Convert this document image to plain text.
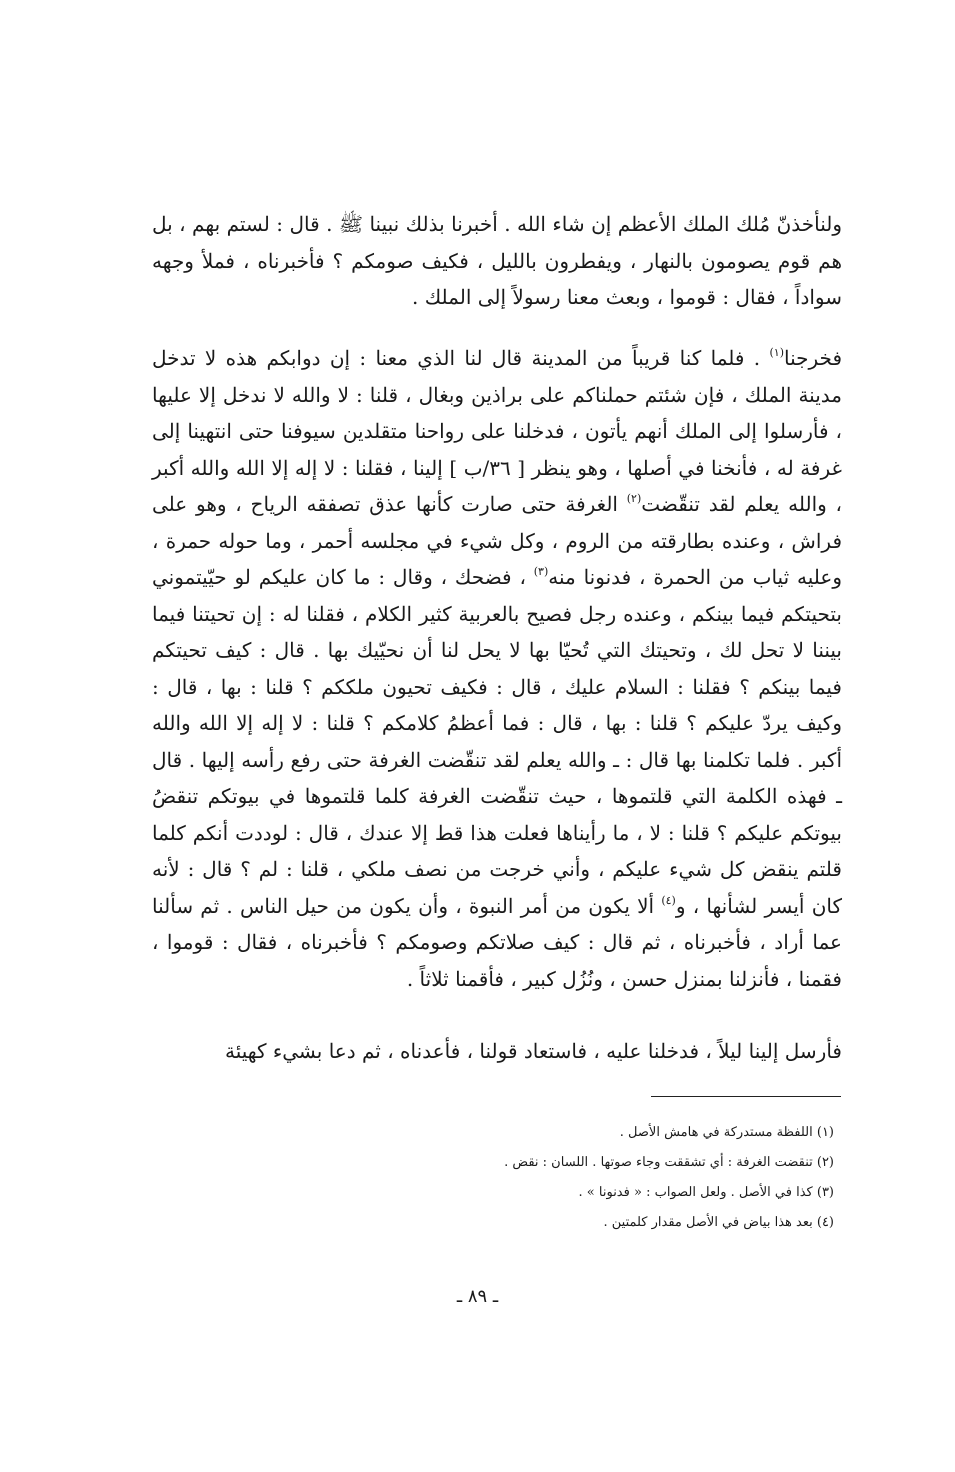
ولنأخذنّ مُلك الملك الأعظم إن شاء الله . أخبرنا بذلك نبينا ﷺ . قال : لستم بهم ، بل هم قوم يصومون بالنهار ، ويفطرون بالليل ، فكيف صومكم ؟ فأخبرناه ، فملأ وجهه سواداً ، فقال : قوموا ، وبعث معنا رسولاً إلى الملك .

فخرجنا$^{(١)}$ . فلما كنا قريباً من المدينة قال لنا الذي معنا : إن دوابكم هذه لا تدخل مدينة الملك ، فإن شئتم حملناكم على براذين وبغال ، قلنا : لا والله لا ندخل إلا عليها ، فأرسلوا إلى الملك أنهم يأتون ، فدخلنا على رواحنا متقلدين سيوفنا حتى انتهينا إلى غرفة له ، فأنخنا في أصلها ، وهو ينظر [ ٣٦/ب ] إلينا ، فقلنا : لا إله إلا الله والله أكبر ، والله يعلم لقد تنقّضت$^{(٢)}$ الغرفة حتى صارت كأنها عذق تصفقه الرياح ، وهو على فراش ، وعنده بطارقته من الروم ، وكل شيء في مجلسه أحمر ، وما حوله حمرة ، وعليه ثياب من الحمرة ، فدنونا منه$^{(٣)}$ ، فضحك ، وقال : ما كان عليكم لو حيّيتموني بتحيتكم فيما بينكم ، وعنده رجل فصيح بالعربية كثير الكلام ، فقلنا له : إن تحيتنا فيما بيننا لا تحل لك ، وتحيتك التي تُحيّا بها لا يحل لنا أن نحيّيك بها . قال : كيف تحيتكم فيما بينكم ؟ فقلنا : السلام عليك ، قال : فكيف تحيون ملككم ؟ قلنا : بها ، قال : وكيف يردّ عليكم ؟ قلنا : بها ، قال : فما أعظمُ كلامكم ؟ قلنا : لا إله إلا الله والله أكبر . فلما تكلمنا بها قال : ـ والله يعلم لقد تنقّضت الغرفة حتى رفع رأسه إليها . قال ـ فهذه الكلمة التي قلتموها ، حيث تنقّضت الغرفة كلما قلتموها في بيوتكم تنقضُ بيوتكم عليكم ؟ قلنا : لا ، ما رأيناها فعلت هذا قط إلا عندك ، قال : لوددت أنكم كلما قلتم ينقض كل شيء عليكم ، وأني خرجت من نصف ملكي ، قلنا : لم ؟ قال : لأنه كان أيسر لشأنها ، و$^{(٤)}$ ألا يكون من أمر النبوة ، وأن يكون من حيل الناس . ثم سألنا عما أراد ، فأخبرناه ، ثم قال : كيف صلاتكم وصومكم ؟ فأخبرناه ، فقال : قوموا ، فقمنا ، فأنزلنا بمنزل حسن ، ونُزُل كبير ، فأقمنا ثلاثاً .

فأرسل إلينا ليلاً ، فدخلنا عليه ، فاستعاد قولنا ، فأعدناه ، ثم دعا بشيء كهيئة

(١) اللفظة مستدركة في هامش الأصل .

(٢) تنقضت الغرفة : أي تشققت وجاء صوتها . اللسان : نقض .

(٣) كذا في الأصل . ولعل الصواب : « فدنونا » .

(٤) بعد هذا بياض في الأصل مقدار كلمتين .

ـ ٨٩ ـ
